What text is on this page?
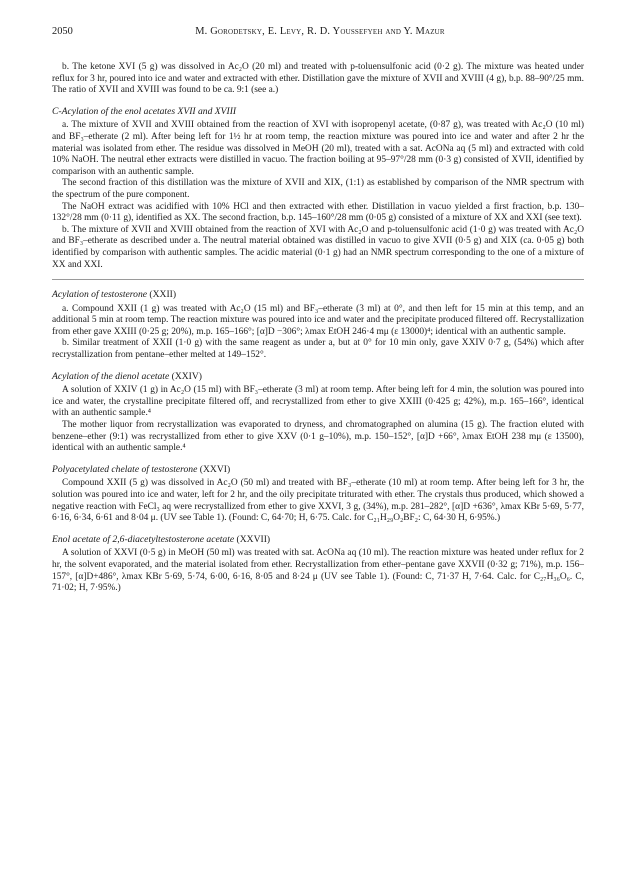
2050	M. Gorodetsky, E. Levy, R. D. Youssefyeh and Y. Mazur

b. The ketone XVI (5 g) was dissolved in Ac₂O (20 ml) and treated with p-toluensulfonic acid (0·2 g). The mixture was heated under reflux for 3 hr, poured into ice and water and extracted with ether. Distillation gave the mixture of XVII and XVIII (4 g), b.p. 88–90°/25 mm. The ratio of XVII and XVIII was found to be ca. 9:1 (see a.)

C-Acylation of the enol acetates XVII and XVIII

a. The mixture of XVII and XVIII obtained from the reaction of XVI with isopropenyl acetate, (0·87 g), was treated with Ac₂O (10 ml) and BF₃–etherate (2 ml). After being left for 1½ hr at room temp, the reaction mixture was poured into ice and water and after 2 hr the material was isolated from ether. The residue was dissolved in MeOH (20 ml), treated with a sat. AcONa aq (5 ml) and extracted with cold 10% NaOH. The neutral ether extracts were distilled in vacuo. The fraction boiling at 95–97°/28 mm (0·3 g) consisted of XVII, identified by comparison with an authentic sample.

The second fraction of this distillation was the mixture of XVII and XIX, (1:1) as established by comparison of the NMR spectrum with the spectrum of the pure component.

The NaOH extract was acidified with 10% HCl and then extracted with ether. Distillation in vacuo yielded a first fraction, b.p. 130–132°/28 mm (0·11 g), identified as XX. The second fraction, b.p. 145–160°/28 mm (0·05 g) consisted of a mixture of XX and XXI (see text).

b. The mixture of XVII and XVIII obtained from the reaction of XVI with Ac₂O and p-toluensulfonic acid (1·0 g) was treated with Ac₂O and BF₃–etherate as described under a. The neutral material obtained was distilled in vacuo to give XVII (0·5 g) and XIX (ca. 0·05 g) both identified by comparison with authentic samples. The acidic material (0·1 g) had an NMR spectrum corresponding to the one of a mixture of XX and XXI.

Acylation of testosterone (XXII)

a. Compound XXII (1 g) was treated with Ac₂O (15 ml) and BF₃–etherate (3 ml) at 0°, and then left for 15 min at this temp, and an additional 5 min at room temp. The reaction mixture was poured into ice and water and the precipitate produced filtered off. Recrystallization from ether gave XXIII (0·25 g; 20%), m.p. 165–166°; [α]D −306°; λmax EtOH 246·4 mμ (ε 13000)⁴; identical with an authentic sample.

b. Similar treatment of XXII (1·0 g) with the same reagent as under a, but at 0° for 10 min only, gave XXIV 0·7 g, (54%) which after recrystallization from pentane–ether melted at 149–152°.

Acylation of the dienol acetate (XXIV)

A solution of XXIV (1 g) in Ac₂O (15 ml) with BF₃–etherate (3 ml) at room temp. After being left for 4 min, the solution was poured into ice and water, the crystalline precipitate filtered off, and recrystallized from ether to give XXIII (0·425 g; 42%), m.p. 165–166°, identical with an authentic sample.⁴

The mother liquor from recrystallization was evaporated to dryness, and chromatographed on alumina (15 g). The fraction eluted with benzene–ether (9:1) was recrystallized from ether to give XXV (0·1 g–10%), m.p. 150–152°, [α]D +66°, λmax EtOH 238 mμ (ε 13500), identical with an authentic sample.⁴

Polyacetylated chelate of testosterone (XXVI)

Compound XXII (5 g) was dissolved in Ac₂O (50 ml) and treated with BF₃–etherate (10 ml) at room temp. After being left for 3 hr, the solution was poured into ice and water, left for 2 hr, and the oily precipitate triturated with ether. The crystals thus produced, which showed a negative reaction with FeCl₃ aq were recrystallized from ether to give XXVI, 3 g, (34%), m.p. 281–282°, [α]D +636°, λmax KBr 5·69, 5·77, 6·16, 6·34, 6·61 and 8·04 μ. (UV see Table 1). (Found: C, 64·70; H, 6·75. Calc. for C₂₁H₂₉O₂BF₂: C, 64·30 H, 6·95%.)

Enol acetate of 2,6-diacetyltestosterone acetate (XXVII)

A solution of XXVI (0·5 g) in MeOH (50 ml) was treated with sat. AcONa aq (10 ml). The reaction mixture was heated under reflux for 2 hr, the solvent evaporated, and the material isolated from ether. Recrystallization from ether–pentane gave XXVII (0·32 g; 71%), m.p. 156–157°, [α]D+486°, λmax KBr 5·69, 5·74, 6·00, 6·16, 8·05 and 8·24 μ (UV see Table 1). (Found: C, 71·37 H, 7·64. Calc. for C₂₇H₃₆O₆. C, 71·02; H, 7·95%.)
